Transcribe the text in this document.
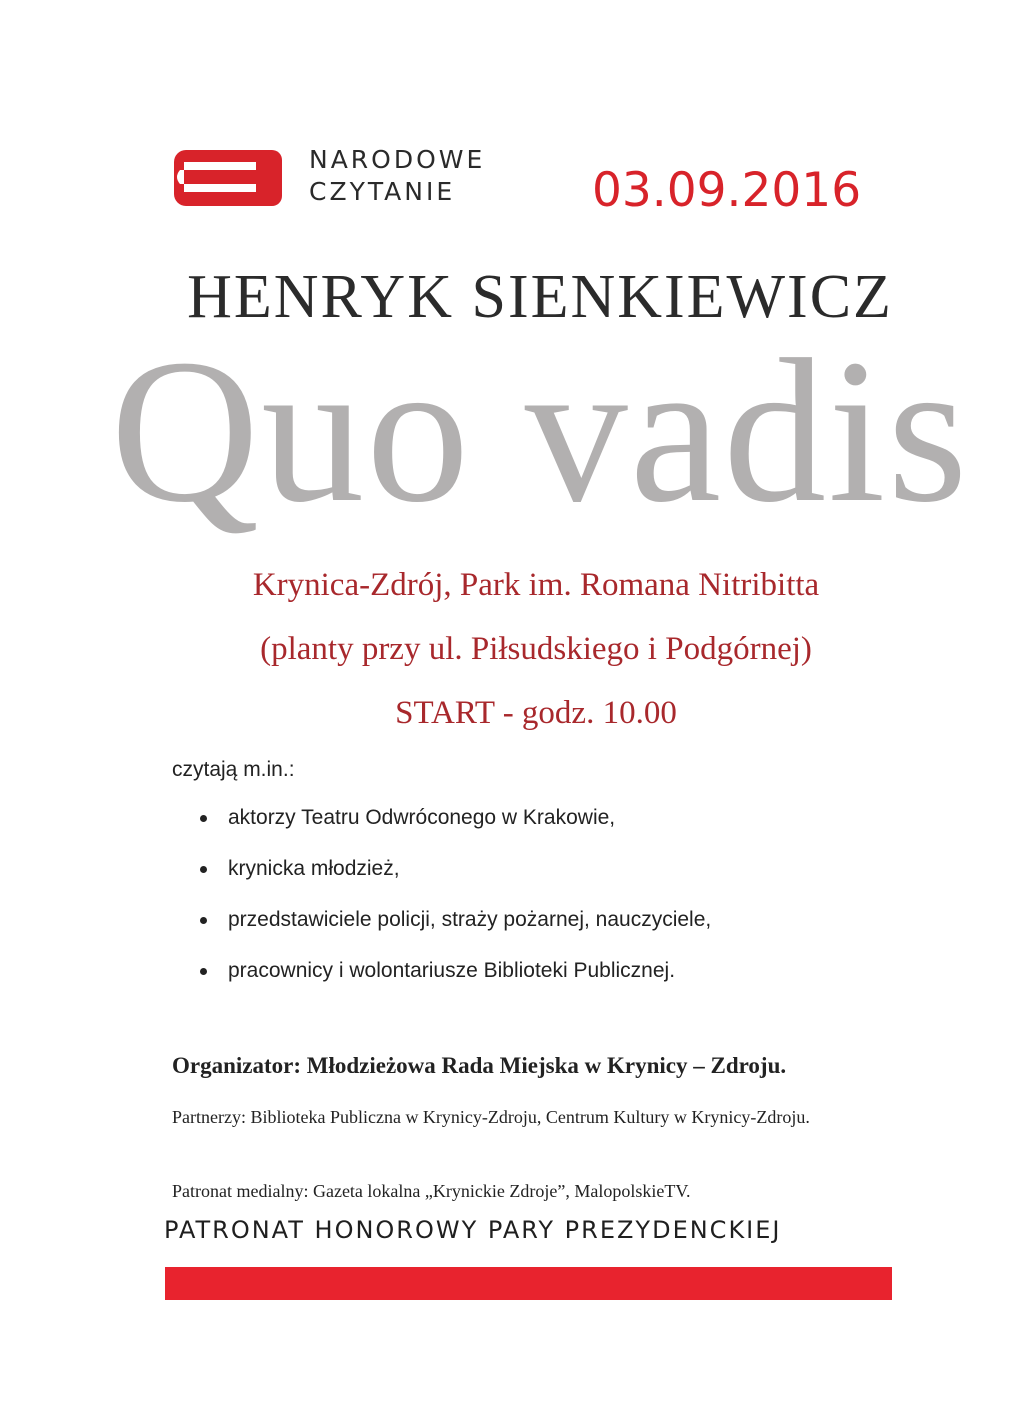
NARODOWE
CZYTANIE	03.09.2016
HENRYK SIENKIEWICZ
Quo vadis
Krynica-Zdrój, Park im. Romana Nitribitta
(planty przy ul. Piłsudskiego i Podgórnej)
START - godz. 10.00
czytają m.in.:
aktorzy Teatru Odwróconego w Krakowie,
krynicka młodzież,
przedstawiciele policji, straży pożarnej, nauczyciele,
pracownicy i wolontariusze Biblioteki Publicznej.
Organizator: Młodzieżowa Rada Miejska w Krynicy – Zdroju.
Partnerzy: Biblioteka Publiczna w Krynicy-Zdroju, Centrum Kultury w Krynicy-Zdroju.
Patronat medialny: Gazeta lokalna „Krynickie Zdroje”, MalopolskieTV.
PATRONAT HONOROWY PARY PREZYDENCKIEJ
